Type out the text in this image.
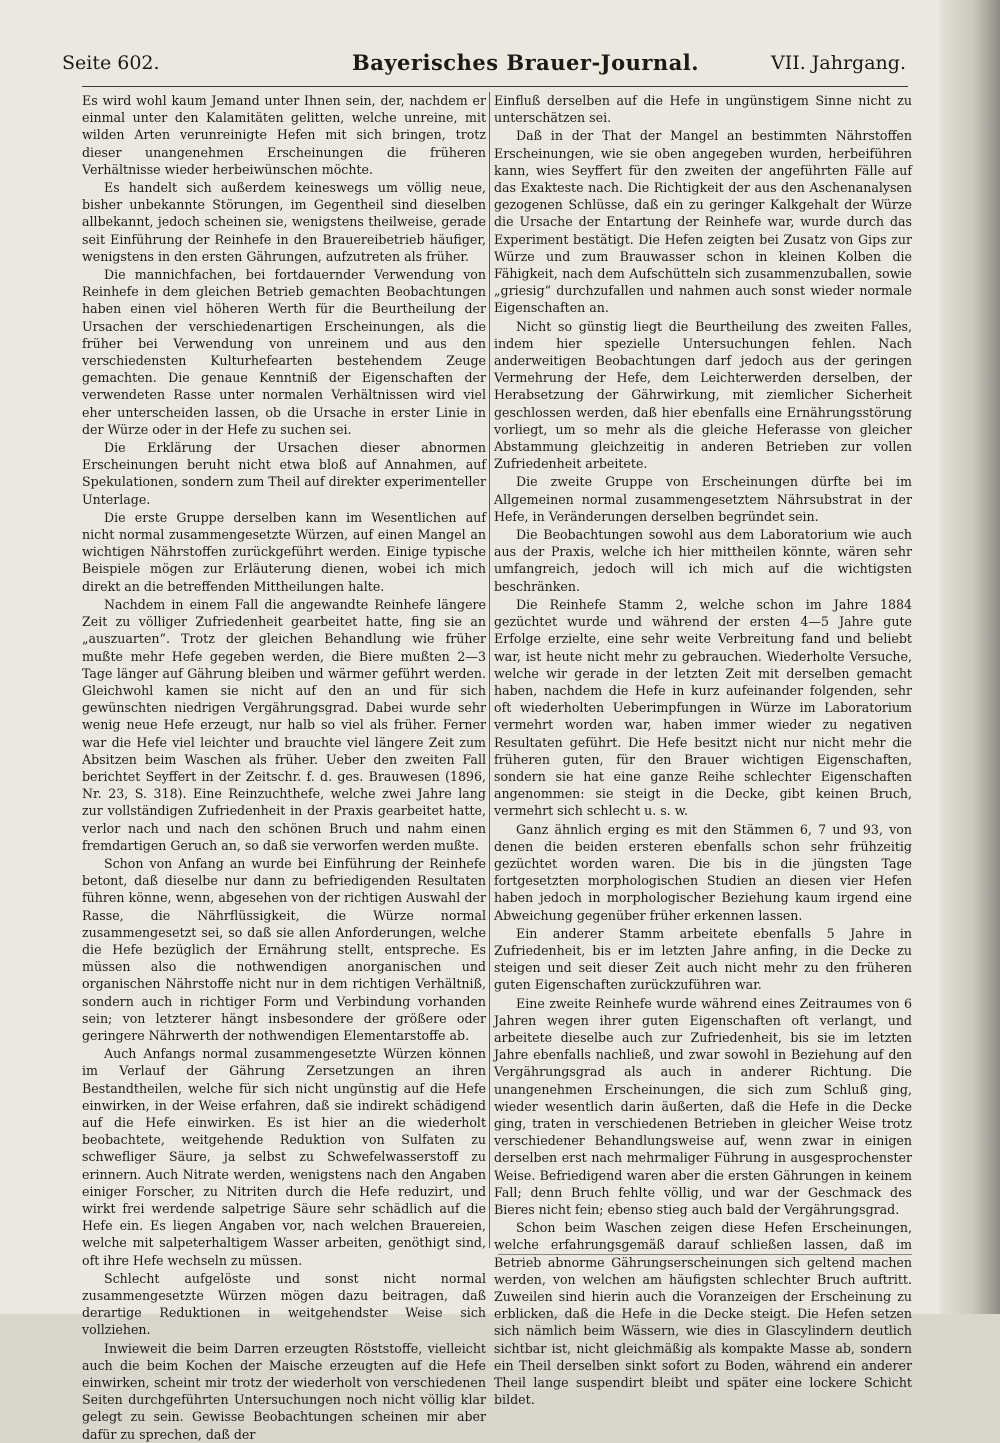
Seite 602.	Bayerisches Brauer-Journal.	VII. Jahrgang.

Es wird wohl kaum Jemand unter Ihnen sein, der, nachdem er einmal unter den Kalamitäten gelitten, welche unreine, mit wilden Arten verunreinigte Hefen mit sich bringen, trotz dieser unangenehmen Erscheinungen die früheren Verhältnisse wieder herbeiwünschen möchte.

Es handelt sich außerdem keineswegs um völlig neue, bisher unbekannte Störungen, im Gegentheil sind dieselben allbekannt, jedoch scheinen sie, wenigstens theilweise, gerade seit Einführung der Reinhefe in den Brauereibetrieb häufiger, wenigstens in den ersten Gährungen, aufzutreten als früher.

Die mannichfachen, bei fortdauernder Verwendung von Reinhefe in dem gleichen Betrieb gemachten Beobachtungen haben einen viel höheren Werth für die Beurtheilung der Ursachen der verschiedenartigen Erscheinungen, als die früher bei Verwendung von unreinem und aus den verschiedensten Kulturhefearten bestehendem Zeuge gemachten. Die genaue Kenntniß der Eigenschaften der verwendeten Rasse unter normalen Verhältnissen wird viel eher unterscheiden lassen, ob die Ursache in erster Linie in der Würze oder in der Hefe zu suchen sei.

Die Erklärung der Ursachen dieser abnormen Erscheinungen beruht nicht etwa bloß auf Annahmen, auf Spekulationen, sondern zum Theil auf direkter experimenteller Unterlage.

Die erste Gruppe derselben kann im Wesentlichen auf nicht normal zusammengesetzte Würzen, auf einen Mangel an wichtigen Nährstoffen zurückgeführt werden. Einige typische Beispiele mögen zur Erläuterung dienen, wobei ich mich direkt an die betreffenden Mittheilungen halte.

Nachdem in einem Fall die angewandte Reinhefe längere Zeit zu völliger Zufriedenheit gearbeitet hatte, fing sie an „auszuarten“. Trotz der gleichen Behandlung wie früher mußte mehr Hefe gegeben werden, die Biere mußten 2—3 Tage länger auf Gährung bleiben und wärmer geführt werden. Gleichwohl kamen sie nicht auf den an und für sich gewünschten niedrigen Vergährungsgrad. Dabei wurde sehr wenig neue Hefe erzeugt, nur halb so viel als früher. Ferner war die Hefe viel leichter und brauchte viel längere Zeit zum Absitzen beim Waschen als früher. Ueber den zweiten Fall berichtet Seyffert in der Zeitschr. f. d. ges. Brauwesen (1896, Nr. 23, S. 318). Eine Reinzuchthefe, welche zwei Jahre lang zur vollständigen Zufriedenheit in der Praxis gearbeitet hatte, verlor nach und nach den schönen Bruch und nahm einen fremdartigen Geruch an, so daß sie verworfen werden mußte.

Schon von Anfang an wurde bei Einführung der Reinhefe betont, daß dieselbe nur dann zu befriedigenden Resultaten führen könne, wenn, abgesehen von der richtigen Auswahl der Rasse, die Nährflüssigkeit, die Würze normal zusammengesetzt sei, so daß sie allen Anforderungen, welche die Hefe bezüglich der Ernährung stellt, entspreche. Es müssen also die nothwendigen anorganischen und organischen Nährstoffe nicht nur in dem richtigen Verhältniß, sondern auch in richtiger Form und Verbindung vorhanden sein; von letzterer hängt insbesondere der größere oder geringere Nährwerth der nothwendigen Elementarstoffe ab.

Auch Anfangs normal zusammengesetzte Würzen können im Verlauf der Gährung Zersetzungen an ihren Bestandtheilen, welche für sich nicht ungünstig auf die Hefe einwirken, in der Weise erfahren, daß sie indirekt schädigend auf die Hefe einwirken. Es ist hier an die wiederholt beobachtete, weitgehende Reduktion von Sulfaten zu schwefliger Säure, ja selbst zu Schwefelwasserstoff zu erinnern. Auch Nitrate werden, wenigstens nach den Angaben einiger Forscher, zu Nitriten durch die Hefe reduzirt, und wirkt frei werdende salpetrige Säure sehr schädlich auf die Hefe ein. Es liegen Angaben vor, nach welchen Brauereien, welche mit salpeterhaltigem Wasser arbeiten, genöthigt sind, oft ihre Hefe wechseln zu müssen.

Schlecht aufgelöste und sonst nicht normal zusammengesetzte Würzen mögen dazu beitragen, daß derartige Reduktionen in weitgehendster Weise sich vollziehen.

Inwieweit die beim Darren erzeugten Röststoffe, vielleicht auch die beim Kochen der Maische erzeugten auf die Hefe einwirken, scheint mir trotz der wiederholt von verschiedenen Seiten durchgeführten Untersuchungen noch nicht völlig klar gelegt zu sein. Gewisse Beobachtungen scheinen mir aber dafür zu sprechen, daß der

Einfluß derselben auf die Hefe in ungünstigem Sinne nicht zu unterschätzen sei.

Daß in der That der Mangel an bestimmten Nährstoffen Erscheinungen, wie sie oben angegeben wurden, herbeiführen kann, wies Seyffert für den zweiten der angeführten Fälle auf das Exakteste nach. Die Richtigkeit der aus den Aschenanalysen gezogenen Schlüsse, daß ein zu geringer Kalkgehalt der Würze die Ursache der Entartung der Reinhefe war, wurde durch das Experiment bestätigt. Die Hefen zeigten bei Zusatz von Gips zur Würze und zum Brauwasser schon in kleinen Kolben die Fähigkeit, nach dem Aufschütteln sich zusammenzuballen, sowie „griesig“ durchzufallen und nahmen auch sonst wieder normale Eigenschaften an.

Nicht so günstig liegt die Beurtheilung des zweiten Falles, indem hier spezielle Untersuchungen fehlen. Nach anderweitigen Beobachtungen darf jedoch aus der geringen Vermehrung der Hefe, dem Leichterwerden derselben, der Herabsetzung der Gährwirkung, mit ziemlicher Sicherheit geschlossen werden, daß hier ebenfalls eine Ernährungsstörung vorliegt, um so mehr als die gleiche Heferasse von gleicher Abstammung gleichzeitig in anderen Betrieben zur vollen Zufriedenheit arbeitete.

Die zweite Gruppe von Erscheinungen dürfte bei im Allgemeinen normal zusammengesetztem Nährsubstrat in der Hefe, in Veränderungen derselben begründet sein.

Die Beobachtungen sowohl aus dem Laboratorium wie auch aus der Praxis, welche ich hier mittheilen könnte, wären sehr umfangreich, jedoch will ich mich auf die wichtigsten beschränken.

Die Reinhefe Stamm 2, welche schon im Jahre 1884 gezüchtet wurde und während der ersten 4—5 Jahre gute Erfolge erzielte, eine sehr weite Verbreitung fand und beliebt war, ist heute nicht mehr zu gebrauchen. Wiederholte Versuche, welche wir gerade in der letzten Zeit mit derselben gemacht haben, nachdem die Hefe in kurz aufeinander folgenden, sehr oft wiederholten Ueberimpfungen in Würze im Laboratorium vermehrt worden war, haben immer wieder zu negativen Resultaten geführt. Die Hefe besitzt nicht nur nicht mehr die früheren guten, für den Brauer wichtigen Eigenschaften, sondern sie hat eine ganze Reihe schlechter Eigenschaften angenommen: sie steigt in die Decke, gibt keinen Bruch, vermehrt sich schlecht u. s. w.

Ganz ähnlich erging es mit den Stämmen 6, 7 und 93, von denen die beiden ersteren ebenfalls schon sehr frühzeitig gezüchtet worden waren. Die bis in die jüngsten Tage fortgesetzten morphologischen Studien an diesen vier Hefen haben jedoch in morphologischer Beziehung kaum irgend eine Abweichung gegenüber früher erkennen lassen.

Ein anderer Stamm arbeitete ebenfalls 5 Jahre in Zufriedenheit, bis er im letzten Jahre anfing, in die Decke zu steigen und seit dieser Zeit auch nicht mehr zu den früheren guten Eigenschaften zurückzuführen war.

Eine zweite Reinhefe wurde während eines Zeitraumes von 6 Jahren wegen ihrer guten Eigenschaften oft verlangt, und arbeitete dieselbe auch zur Zufriedenheit, bis sie im letzten Jahre ebenfalls nachließ, und zwar sowohl in Beziehung auf den Vergährungsgrad als auch in anderer Richtung. Die unangenehmen Erscheinungen, die sich zum Schluß ging, wieder wesentlich darin äußerten, daß die Hefe in die Decke ging, traten in verschiedenen Betrieben in gleicher Weise trotz verschiedener Behandlungsweise auf, wenn zwar in einigen derselben erst nach mehrmaliger Führung in ausgesprochenster Weise. Befriedigend waren aber die ersten Gährungen in keinem Fall; denn Bruch fehlte völlig, und war der Geschmack des Bieres nicht fein; ebenso stieg auch bald der Vergährungsgrad.

Schon beim Waschen zeigen diese Hefen Erscheinungen, welche erfahrungsgemäß darauf schließen lassen, daß im Betrieb abnorme Gährungserscheinungen sich geltend machen werden, von welchen am häufigsten schlechter Bruch auftritt. Zuweilen sind hierin auch die Voranzeigen der Erscheinung zu erblicken, daß die Hefe in die Decke steigt. Die Hefen setzen sich nämlich beim Wässern, wie dies in Glascylindern deutlich sichtbar ist, nicht gleichmäßig als kompakte Masse ab, sondern ein Theil derselben sinkt sofort zu Boden, während ein anderer Theil lange suspendirt bleibt und später eine lockere Schicht bildet.
